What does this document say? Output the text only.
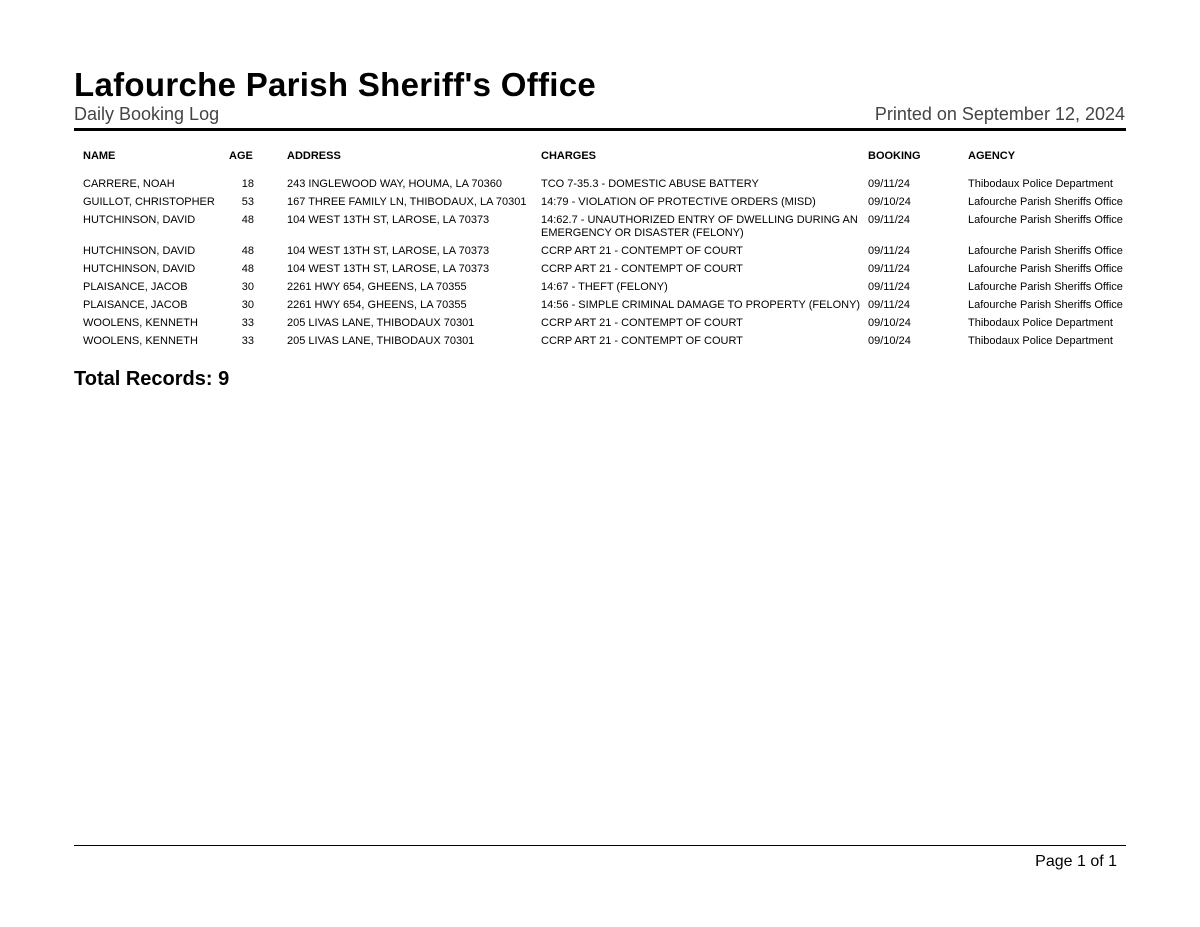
Lafourche Parish Sheriff's Office
Daily Booking Log	Printed on September 12, 2024
NAME	AGE	ADDRESS	CHARGES	BOOKING	AGENCY
CARRERE, NOAH	18	243 INGLEWOOD WAY, HOUMA, LA 70360	TCO 7-35.3 - DOMESTIC ABUSE BATTERY	09/11/24	Thibodaux Police Department
GUILLOT, CHRISTOPHER	53	167 THREE FAMILY LN, THIBODAUX, LA 70301	14:79 - VIOLATION OF PROTECTIVE ORDERS (MISD)	09/10/24	Lafourche Parish Sheriffs Office
HUTCHINSON, DAVID	48	104 WEST 13TH ST, LAROSE, LA 70373	14:62.7 - UNAUTHORIZED ENTRY OF DWELLING DURING AN EMERGENCY OR DISASTER (FELONY)	09/11/24	Lafourche Parish Sheriffs Office
HUTCHINSON, DAVID	48	104 WEST 13TH ST, LAROSE, LA 70373	CCRP ART 21 - CONTEMPT OF COURT	09/11/24	Lafourche Parish Sheriffs Office
HUTCHINSON, DAVID	48	104 WEST 13TH ST, LAROSE, LA 70373	CCRP ART 21 - CONTEMPT OF COURT	09/11/24	Lafourche Parish Sheriffs Office
PLAISANCE, JACOB	30	2261 HWY 654, GHEENS, LA 70355	14:67 - THEFT (FELONY)	09/11/24	Lafourche Parish Sheriffs Office
PLAISANCE, JACOB	30	2261 HWY 654, GHEENS, LA 70355	14:56 - SIMPLE CRIMINAL DAMAGE TO PROPERTY (FELONY)	09/11/24	Lafourche Parish Sheriffs Office
WOOLENS, KENNETH	33	205 LIVAS LANE, THIBODAUX 70301	CCRP ART 21 - CONTEMPT OF COURT	09/10/24	Thibodaux Police Department
WOOLENS, KENNETH	33	205 LIVAS LANE, THIBODAUX 70301	CCRP ART 21 - CONTEMPT OF COURT	09/10/24	Thibodaux Police Department
Total Records: 9
Page 1 of 1
